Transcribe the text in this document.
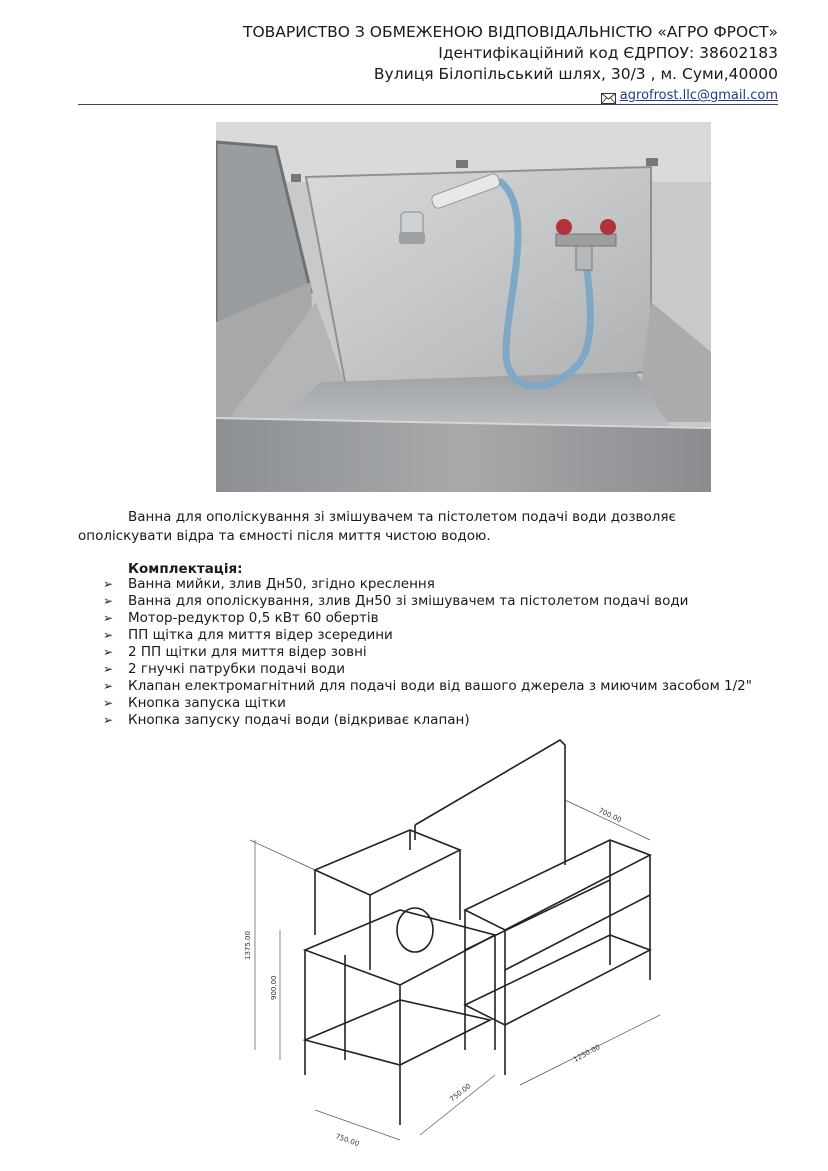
ТОВАРИСТВО З ОБМЕЖЕНОЮ ВІДПОВІДАЛЬНІСТЮ «АГРО ФРОСТ»
Ідентифікаційний код ЄДРПОУ: 38602183
Вулиця Білопільський шлях, 30/3 , м. Суми,40000
agrofrost.llc@gmail.com
Ванна для ополіскування зі змішувачем та пістолетом подачі води дозволяє ополіскувати відра та ємності після миття чистою водою.
Комплектація:
➢	Ванна мийки, злив Дн50, згідно креслення
➢	Ванна для ополіскування, злив Дн50 зі змішувачем та пістолетом подачі води
➢	Мотор-редуктор 0,5 кВт 60 обертів
➢	ПП щітка для миття відер зсередини
➢	2 ПП щітки для миття відер зовні
➢	2 гнучкі патрубки подачі води
➢	Клапан електромагнітний для подачі води від вашого джерела з миючим засобом 1/2"
➢	Кнопка запуска щітки
➢	Кнопка запуску подачі води (відкриває клапан)
1375.00
900.00
750.00
750.00
1250.00
700.00
